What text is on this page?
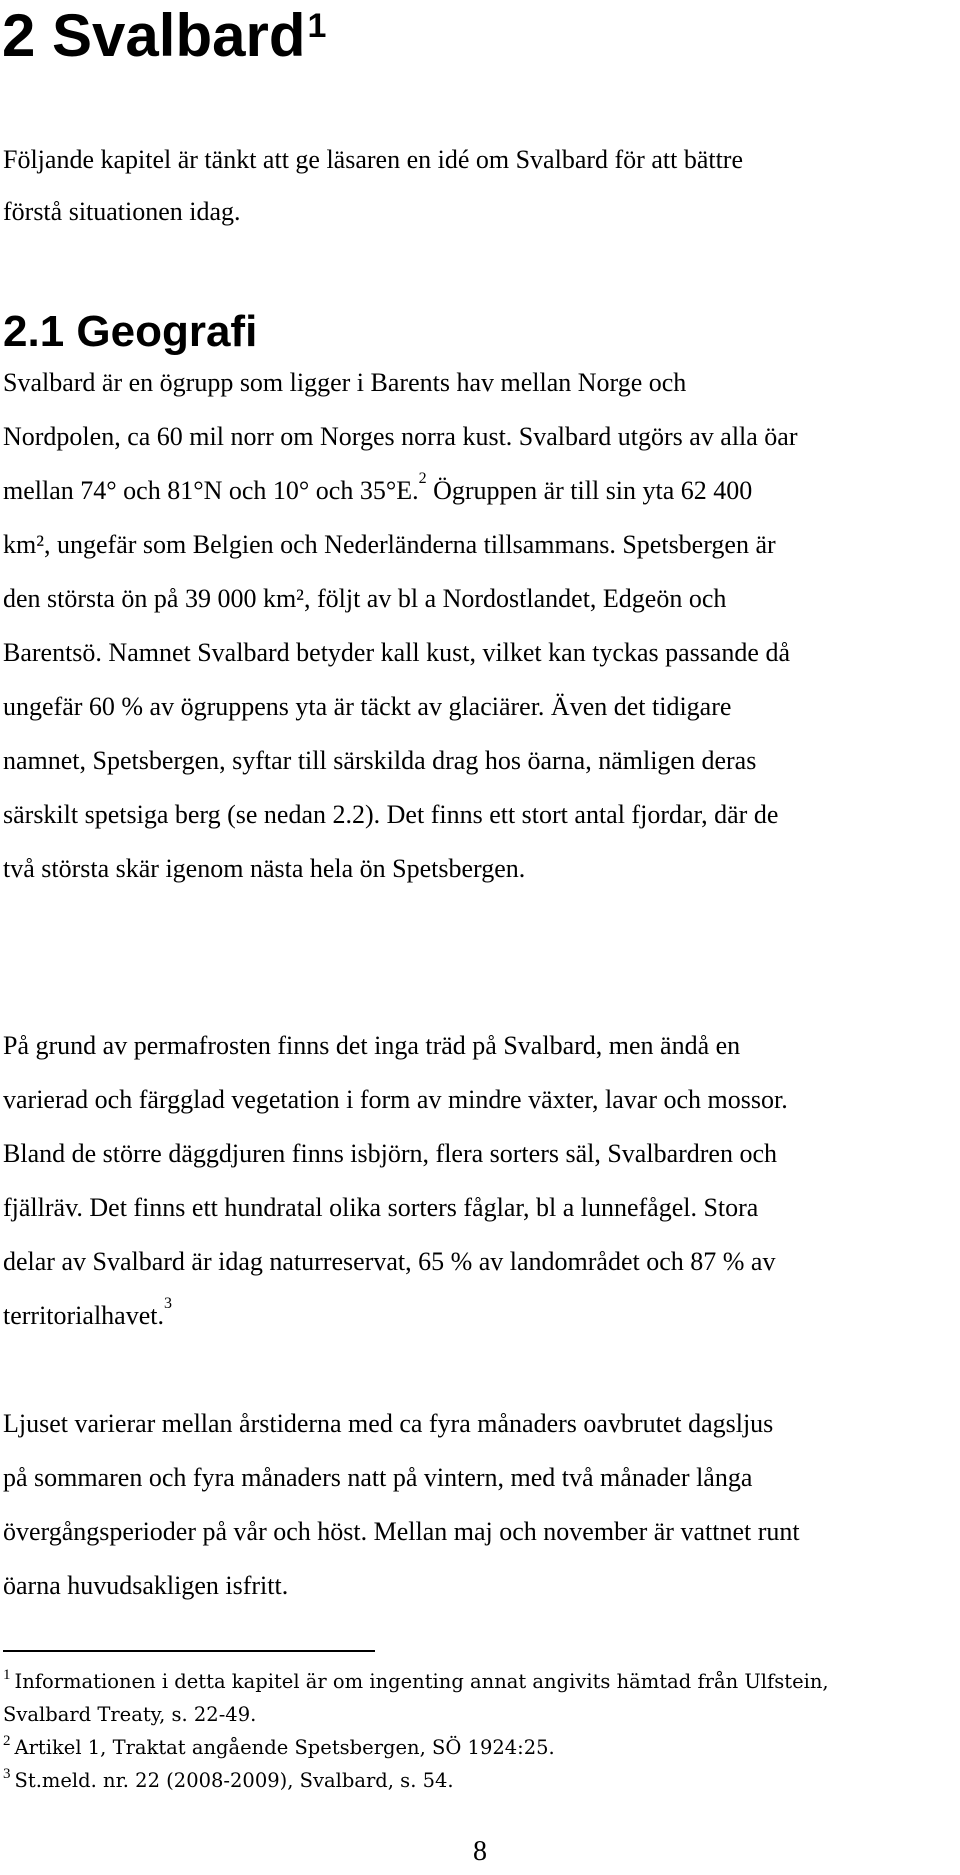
2 Svalbard$^1$
Följande kapitel är tänkt att ge läsaren en idé om Svalbard för att bättre
förstå situationen idag.
2.1 Geografi
Svalbard är en ögrupp som ligger i Barents hav mellan Norge och
Nordpolen, ca 60 mil norr om Norges norra kust. Svalbard utgörs av alla öar
mellan 74° och 81°N och 10° och 35°E.$^2$ Ögruppen är till sin yta 62 400
km², ungefär som Belgien och Nederländerna tillsammans. Spetsbergen är
den största ön på 39 000 km², följt av bl a Nordostlandet, Edgeön och
Barentsö. Namnet Svalbard betyder kall kust, vilket kan tyckas passande då
ungefär 60 % av ögruppens yta är täckt av glaciärer. Även det tidigare
namnet, Spetsbergen, syftar till särskilda drag hos öarna, nämligen deras
särskilt spetsiga berg (se nedan 2.2). Det finns ett stort antal fjordar, där de
två största skär igenom nästa hela ön Spetsbergen.
På grund av permafrosten finns det inga träd på Svalbard, men ändå en
varierad och färgglad vegetation i form av mindre växter, lavar och mossor.
Bland de större däggdjuren finns isbjörn, flera sorters säl, Svalbardren och
fjällräv. Det finns ett hundratal olika sorters fåglar, bl a lunnefågel. Stora
delar av Svalbard är idag naturreservat, 65 % av landområdet och 87 % av
territorialhavet.$^3$
Ljuset varierar mellan årstiderna med ca fyra månaders oavbrutet dagsljus
på sommaren och fyra månaders natt på vintern, med två månader långa
övergångsperioder på vår och höst. Mellan maj och november är vattnet runt
öarna huvudsakligen isfritt.
$^1$ Informationen i detta kapitel är om ingenting annat angivits hämtad från Ulfstein,
Svalbard Treaty, s. 22-49.
$^2$ Artikel 1, Traktat angående Spetsbergen, SÖ 1924:25.
$^3$ St.meld. nr. 22 (2008-2009), Svalbard, s. 54.
8
